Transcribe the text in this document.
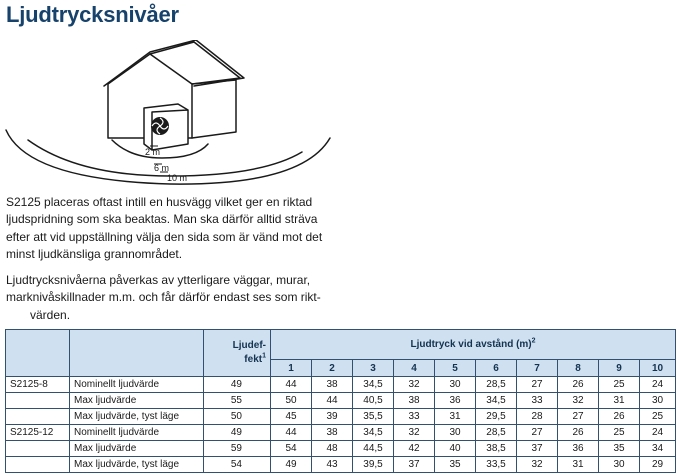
Ljudtrycksnivåer
2 m
6 m
10 m

S2125 placeras oftast intill en husvägg vilket ger en riktad ljudspridning som ska beaktas. Man ska därför alltid sträva efter att vid uppställning välja den sida som är vänd mot det minst ljudkänsliga grannområdet.

Ljudtrycksnivåerna påverkas av ytterligare väggar, murar, marknivåskillnader m.m. och får därför endast ses som rikt-
värden.

		Ljudef-
fekt$^1$	Ljudtryck vid avstånd $(m)^2$
			1	2	3	4	5	6	7	8	9	10
S2125-8	Nominellt ljudvärde	49	44	38	34,5	32	30	28,5	27	26	25	24
	Max ljudvärde	55	50	44	40,5	38	36	34,5	33	32	31	30
	Max ljudvärde, tyst läge	50	45	39	35,5	33	31	29,5	28	27	26	25
S2125-12	Nominellt ljudvärde	49	44	38	34,5	32	30	28,5	27	26	25	24
	Max ljudvärde	59	54	48	44,5	42	40	38,5	37	36	35	34
	Max ljudvärde, tyst läge	54	49	43	39,5	37	35	33,5	32	31	30	29
